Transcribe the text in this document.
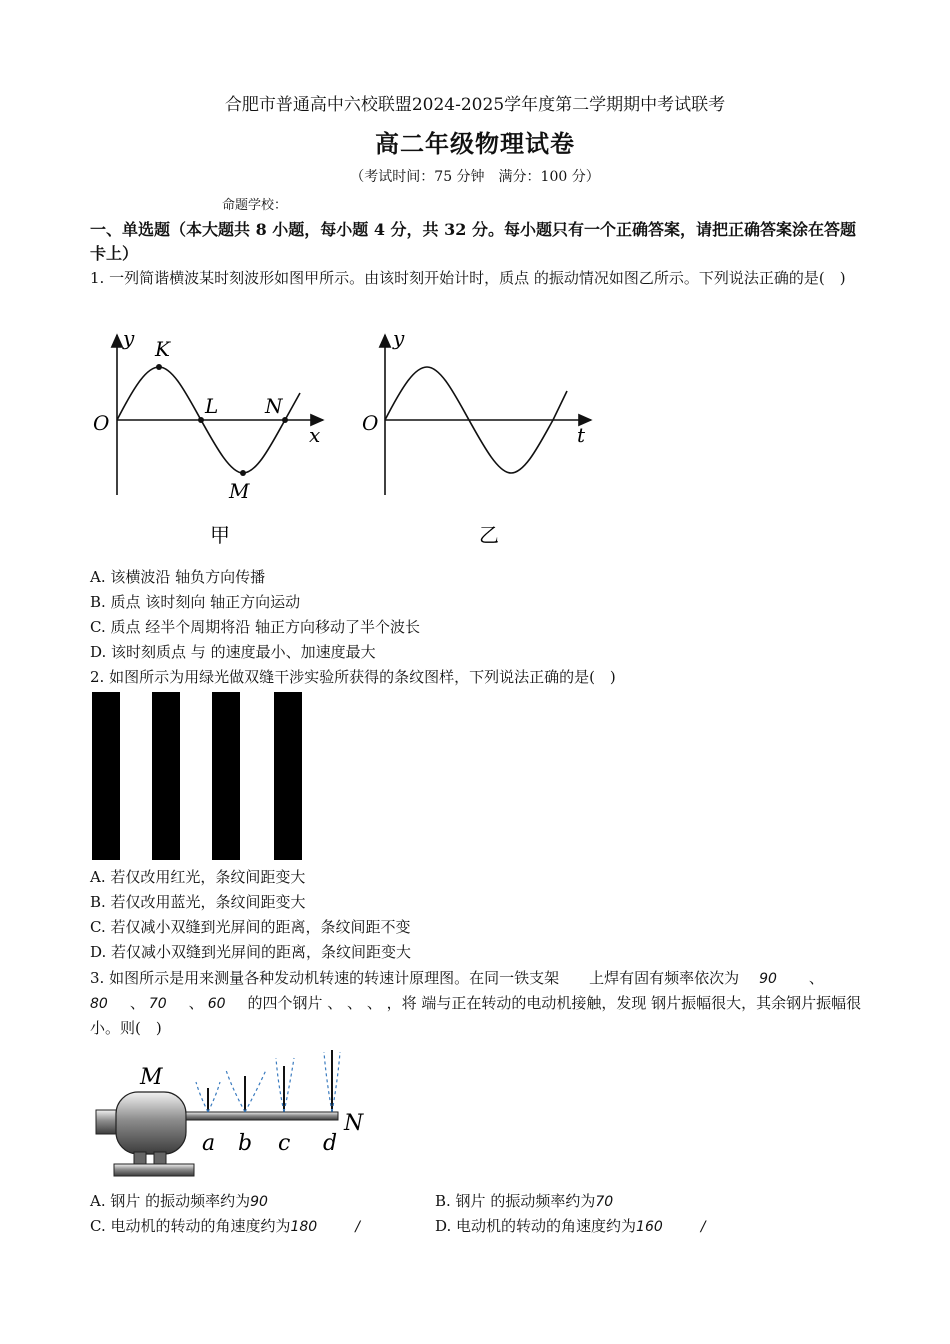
合肥市普通高中六校联盟2024-2025学年度第二学期期中考试联考
高二年级物理试卷
（考试时间：75 分钟　满分：100 分）
命题学校：
一、单选题（本大题共 8 小题，每小题 4 分，共 32 分。每小题只有一个正确答案，请把正确答案涂在答题卡上）
1. 一列简谐横波某时刻波形如图甲所示。由该时刻开始计时，质点 的振动情况如图乙所示。下列说法正确的是(　)
y
x
O
K
L N
M
甲
y
t
O
乙
A. 该横波沿 轴负方向传播
B. 质点 该时刻向 轴正方向运动
C. 质点 经半个周期将沿 轴正方向移动了半个波长
D. 该时刻质点 与 的速度最小、加速度最大
2. 如图所示为用绿光做双缝干涉实验所获得的条纹图样，下列说法正确的是(　)
A. 若仅改用红光，条纹间距变大
B. 若仅改用蓝光，条纹间距变大
C. 若仅减小双缝到光屏间的距离，条纹间距不变
D. 若仅减小双缝到光屏间的距离，条纹间距变大
3. 如图所示是用来测量各种发动机转速的转速计原理图。在同一铁支架　　上焊有固有频率依次为 90 、
80 、 70 、 60 的四个钢片 、 、 、 ，将 端与正在转动的电动机接触，发现 钢片振幅很大，其余钢片振幅很小。则(　)
M
N
a b c d
A. 钢片 的振动频率约为90	B. 钢片 的振动频率约为70
C. 电动机的转动的角速度约为180	/	D. 电动机的转动的角速度约为160	/
